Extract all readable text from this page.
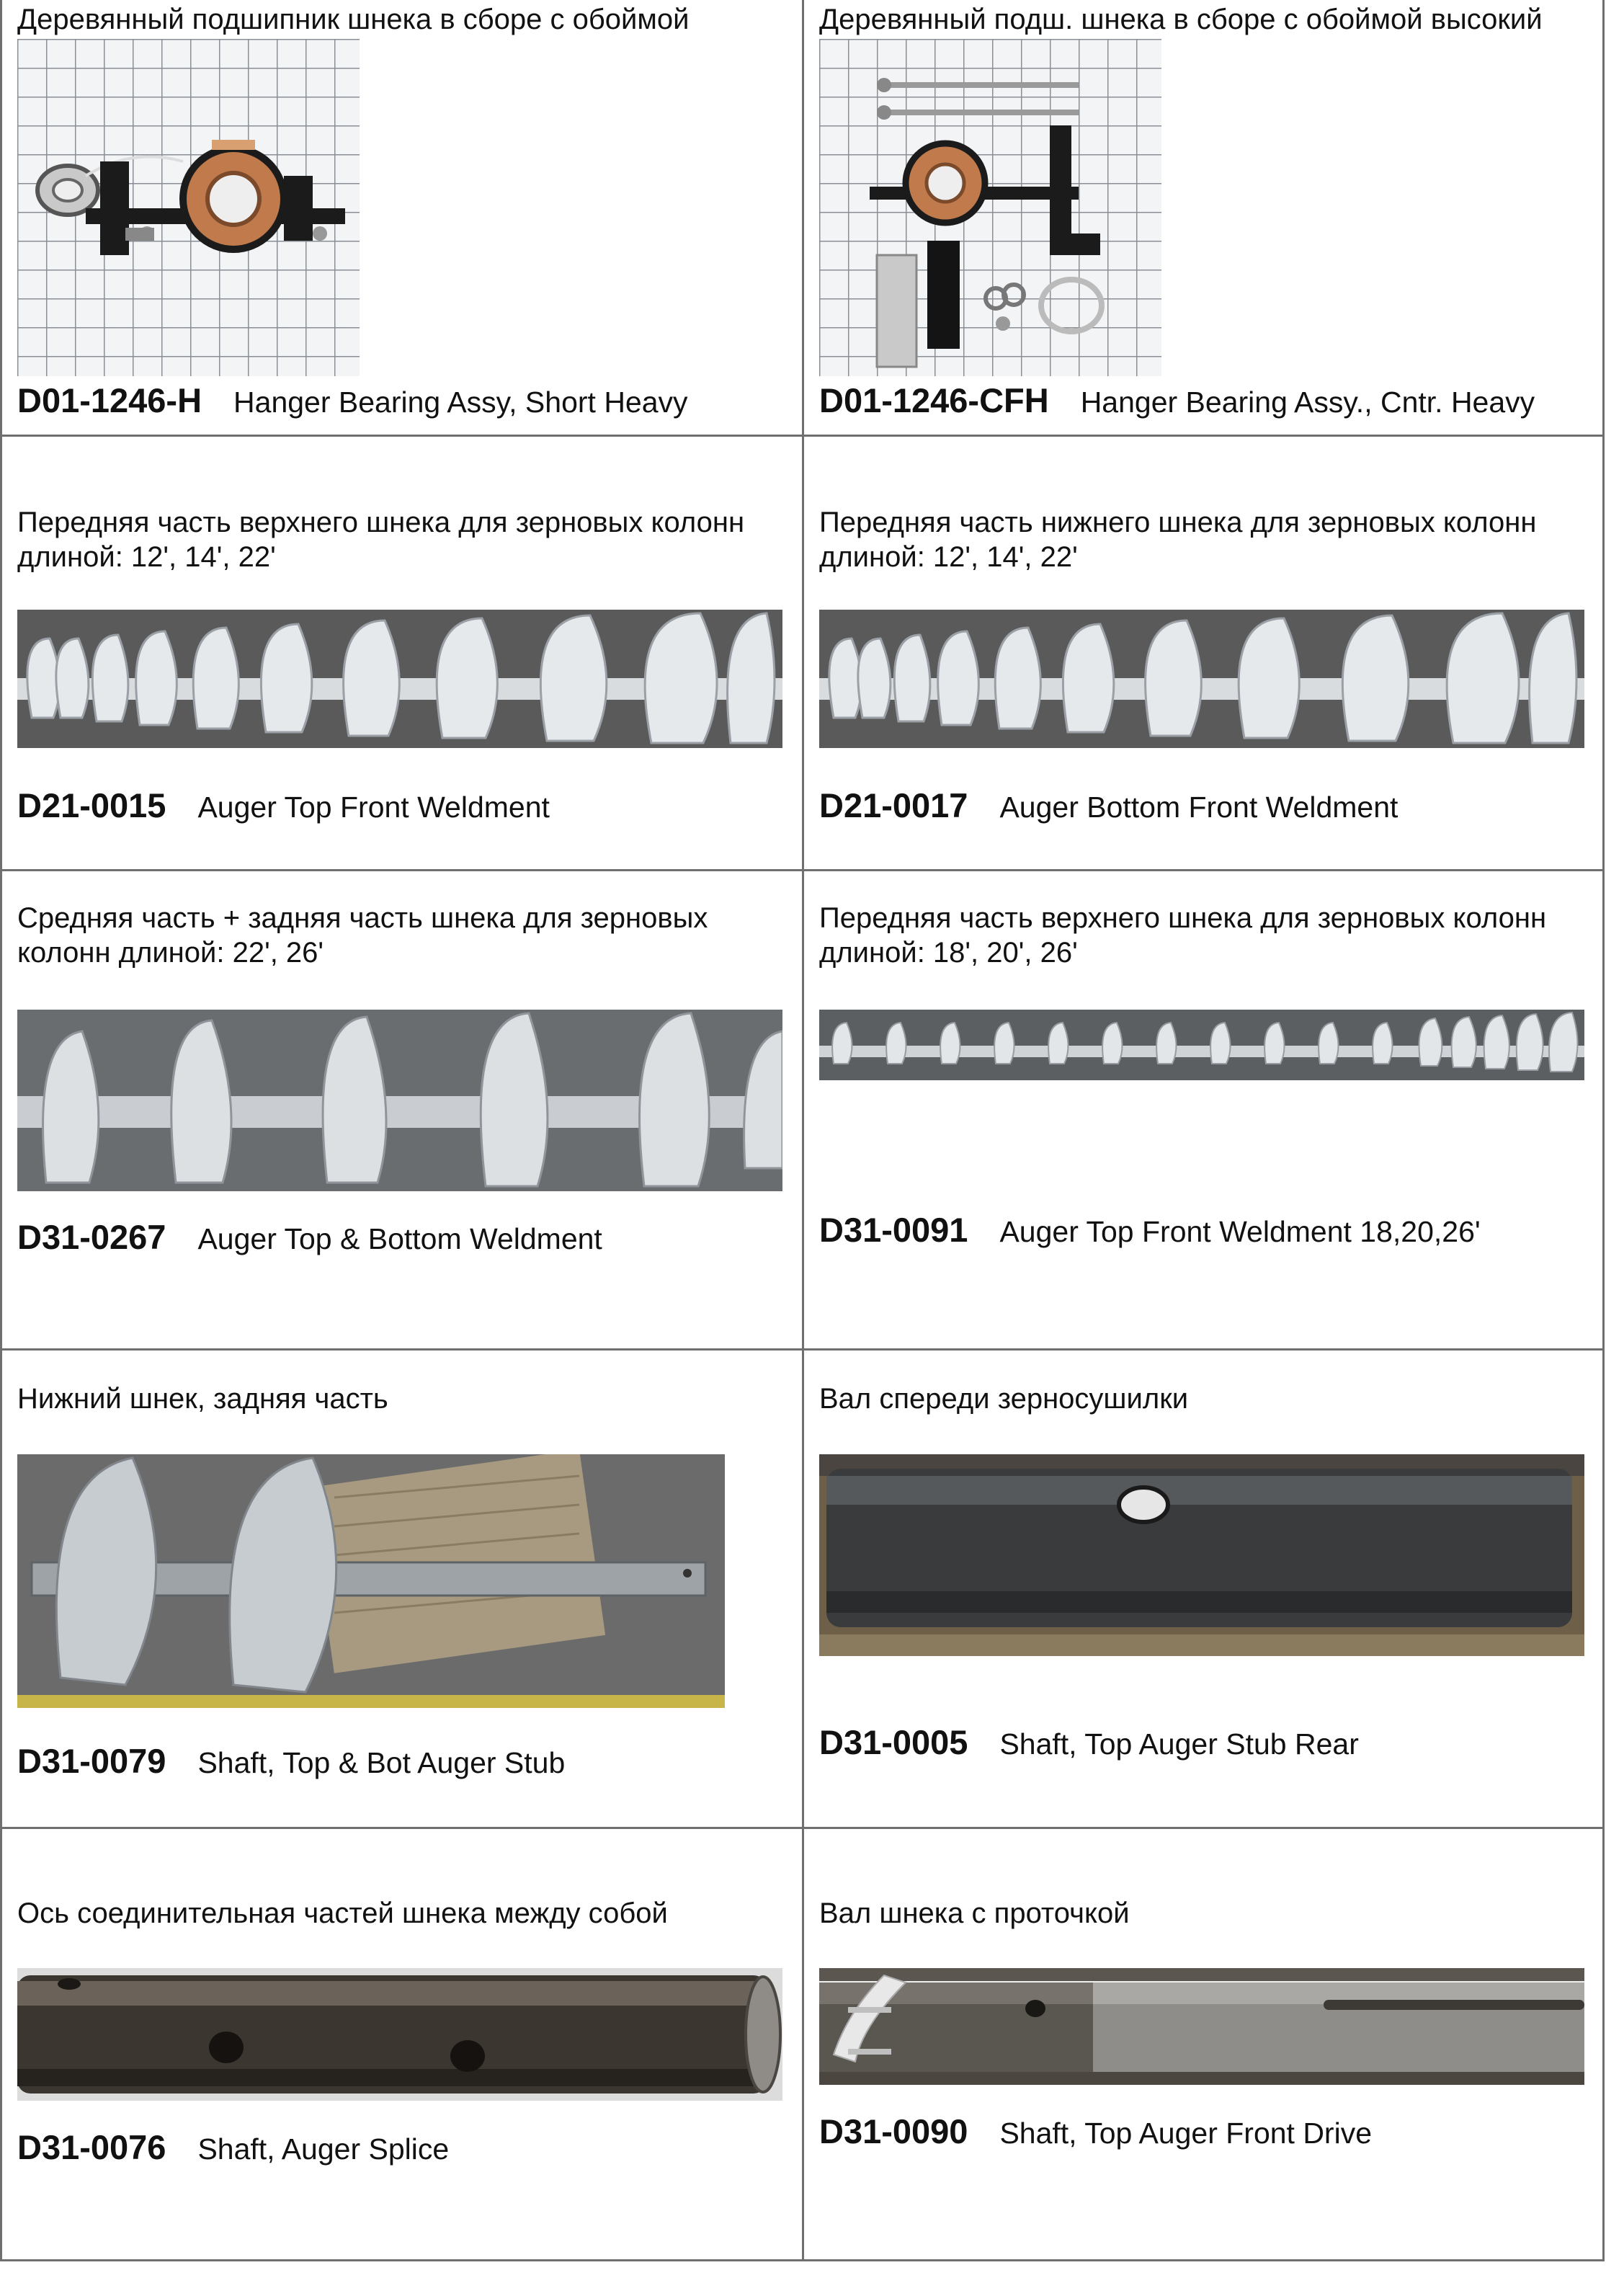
Деревянный подшипник шнека в сборе с обоймой
D01-1246-H Hanger Bearing Assy, Short Heavy
Деревянный подш. шнека в сборе с обоймой высокий
D01-1246-CFH Hanger Bearing Assy., Cntr. Heavy
Передняя часть верхнего шнека для зерновых колонн
длиной: 12', 14', 22'
D21-0015 Auger Top Front Weldment
Передняя часть нижнего шнека для зерновых колонн
длиной: 12', 14', 22'
D21-0017 Auger Bottom Front Weldment
Средняя часть + задняя часть шнека для зерновых
колонн длиной: 22', 26'
D31-0267 Auger Top & Bottom Weldment
Передняя часть верхнего шнека для зерновых колонн
длиной: 18', 20', 26'
D31-0091 Auger Top Front Weldment 18,20,26'
Нижний шнек, задняя часть
D31-0079 Shaft, Top & Bot Auger Stub
Вал спереди зерносушилки
D31-0005 Shaft, Top Auger Stub Rear
Ось соединительная частей шнека между собой
D31-0076 Shaft, Auger Splice
Вал шнека с проточкой
D31-0090 Shaft, Top Auger Front Drive
